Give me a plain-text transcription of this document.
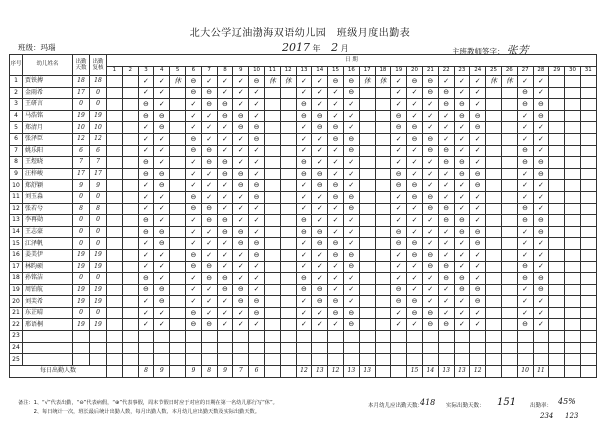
北大公学辽油渤海双语幼儿园　班级月度出勤表
班级：玛瑙	2017 年 2 月	主班教师签字： 张芳
序号	幼儿姓名	出勤天数	出勤复核	日 期																														
				1	2	3	4	5	6	7	8	9	10	11	12	13	14	15	16	17	18	19	20	21	22	23	24	25	26	27	28	29	30	31
1	贾铁搏	18	18			✓	✓	休	⊖	✓	✓	✓	⊖	休	休	✓	✓	⊖	⊖	休	休	✓	⊖	⊖	✓	✓	✓	休	休	✓	✓			
2	金雨希	17	0			✓	✓		⊖	⊖	✓	✓	✓			✓	✓	✓	⊖			✓	✓	⊖	⊖	✓	✓			⊖	✓			
3	王研言	0	0			⊖	✓		✓	⊖	⊖	✓	✓			⊖	✓	✓	✓			✓	✓	✓	⊖	⊖	✓			⊖	⊖			
4	马浩铭	19	19			⊖	⊖		✓	✓	⊖	⊖	✓			⊖	⊖	✓	✓			⊖	✓	✓	✓	⊖	⊖			✓	⊖			
5	郑清月	10	10			✓	⊖		✓	✓	✓	⊖	⊖			✓	⊖	⊖	✓			⊖	⊖	✓	✓	✓	⊖			✓	✓			
6	张泽臣	12	12			✓	✓		⊖	✓	✓	✓	⊖			✓	✓	⊖	⊖			✓	⊖	⊖	✓	✓	✓			✓	✓			
7	姚乐阳	6	6			✓	✓		⊖	⊖	✓	✓	✓			✓	✓	✓	⊖			✓	✓	⊖	⊖	✓	✓			⊖	✓			
8	王煜晓	7	7			⊖	✓		✓	⊖	⊖	✓	✓			⊖	✓	✓	✓			✓	✓	✓	⊖	⊖	✓			⊖	⊖			
9	汪梓峻	17	17			⊖	⊖		✓	✓	⊖	⊖	✓			⊖	⊖	✓	✓			⊖	✓	✓	✓	⊖	⊖			✓	⊖			
10	郑舒颖	9	9			✓	⊖		✓	✓	✓	⊖	⊖			✓	⊖	⊖	✓			⊖	⊖	✓	✓	✓	⊖			✓	✓			
11	刘玉淼	0	0			✓	✓		⊖	✓	✓	✓	⊖			✓	✓	⊖	⊖			✓	⊖	⊖	✓	✓	✓			✓	✓			
12	张若兮	8	8			✓	✓		⊖	⊖	✓	✓	✓			✓	✓	✓	⊖			✓	✓	⊖	⊖	✓	✓			⊖	✓			
13	李再勋	0	0			⊖	✓		✓	⊖	⊖	✓	✓			⊖	✓	✓	✓			✓	✓	✓	⊖	⊖	✓			⊖	⊖			
14	王志豪	0	0			⊖	⊖		✓	✓	⊖	⊖	✓			⊖	⊖	✓	✓			⊖	✓	✓	✓	⊖	⊖			✓	⊖			
15	江泽帆	0	0			✓	⊖		✓	✓	✓	⊖	⊖			✓	⊖	⊖	✓			⊖	⊖	✓	✓	✓	⊖			✓	✓			
16	姜美伊	19	19			✓	✓		⊖	✓	✓	✓	⊖			✓	✓	⊖	⊖			✓	⊖	⊖	✓	✓	✓			✓	✓			
17	林昀硕	19	19			✓	✓		⊖	⊖	✓	✓	✓			✓	✓	✓	⊖			✓	✓	⊖	⊖	✓	✓			⊖	✓			
18	孙铭洁	0	0			⊖	✓		✓	⊖	⊖	✓	✓			⊖	✓	✓	✓			✓	✓	✓	⊖	⊖	✓			⊖	⊖			
19	周铂航	19	19			⊖	⊖		✓	✓	⊖	⊖	✓			⊖	⊖	✓	✓			⊖	✓	✓	✓	⊖	⊖			✓	⊖			
20	刘芙希	19	19			✓	⊖		✓	✓	✓	⊖	⊖			✓	⊖	⊖	✓			⊖	⊖	✓	✓	✓	⊖			✓	✓			
21	东芷晴	0	0			✓	✓		⊖	✓	✓	✓	⊖			✓	✓	⊖	⊖			✓	⊖	⊖	✓	✓	✓			✓	✓			
22	邢语桐	19	19			✓	✓		⊖	⊖	✓	✓	✓			✓	✓	✓	⊖			✓	✓	⊖	⊖	✓	✓			⊖	✓			
23																																		
24																																		
25																																		
每日出勤人数						8	9		9	8	9	7	6			12	13	12	13	13			15	14	13	13	12			10	11			
备注：1、“√”代表出勤，“⊖”代表病假，“⊕”代表事假，周末节假日时应于对应的日期在第一名幼儿那行写“休”。
　　　2、每日统计一次，班长最后统计出勤人数，每月出勤人数、本月幼儿应出勤天数及实际出勤天数。
本月幼儿应出勤天数：
418 实际出勤天数： 151	出勤率： 45%
234 123
